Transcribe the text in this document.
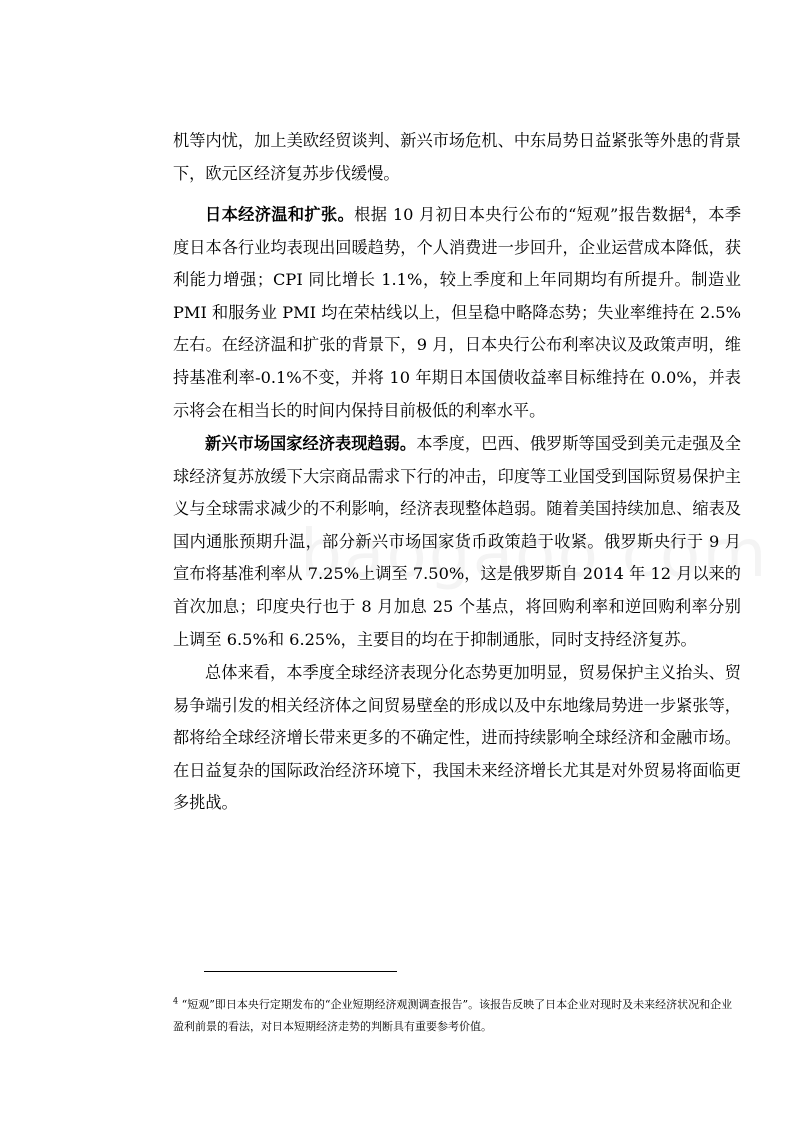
机等内忧，加上美欧经贸谈判、新兴市场危机、中东局势日益紧张等外患的背景下，欧元区经济复苏步伐缓慢。

日本经济温和扩张。根据 10 月初日本央行公布的“短观”报告数据$^4$，本季度日本各行业均表现出回暖趋势，个人消费进一步回升，企业运营成本降低，获利能力增强；CPI 同比增长 1.1%，较上季度和上年同期均有所提升。制造业 PMI 和服务业 PMI 均在荣枯线以上，但呈稳中略降态势；失业率维持在 2.5%左右。在经济温和扩张的背景下，9 月，日本央行公布利率决议及政策声明，维持基准利率-0.1%不变，并将 10 年期日本国债收益率目标维持在 0.0%，并表示将会在相当长的时间内保持目前极低的利率水平。

新兴市场国家经济表现趋弱。本季度，巴西、俄罗斯等国受到美元走强及全球经济复苏放缓下大宗商品需求下行的冲击，印度等工业国受到国际贸易保护主义与全球需求减少的不利影响，经济表现整体趋弱。随着美国持续加息、缩表及国内通胀预期升温，部分新兴市场国家货币政策趋于收紧。俄罗斯央行于 9 月宣布将基准利率从 7.25%上调至 7.50%，这是俄罗斯自 2014 年 12 月以来的首次加息；印度央行也于 8 月加息 25 个基点，将回购利率和逆回购利率分别上调至 6.5%和 6.25%，主要目的均在于抑制通胀，同时支持经济复苏。

总体来看，本季度全球经济表现分化态势更加明显，贸易保护主义抬头、贸易争端引发的相关经济体之间贸易壁垒的形成以及中东地缘局势进一步紧张等，都将给全球经济增长带来更多的不确定性，进而持续影响全球经济和金融市场。在日益复杂的国际政治经济环境下，我国未来经济增长尤其是对外贸易将面临更多挑战。

$^4$ “短观”即日本央行定期发布的“企业短期经济观测调查报告”。该报告反映了日本企业对现时及未来经济状况和企业盈利前景的看法，对日本短期经济走势的判断具有重要参考价值。
